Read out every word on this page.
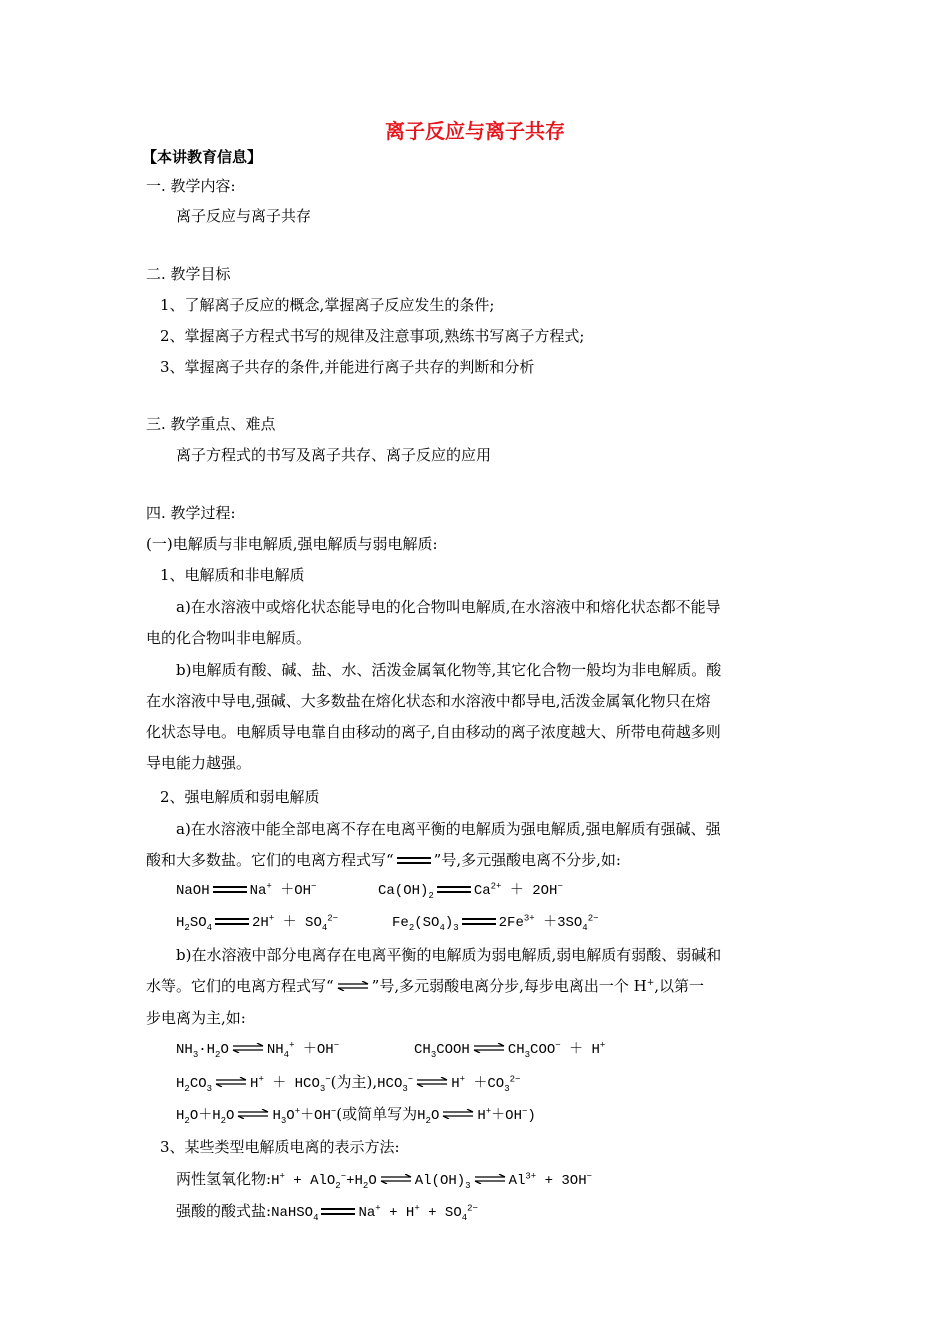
离子反应与离子共存
【本讲教育信息】
一. 教学内容:
离子反应与离子共存
二. 教学目标
1、了解离子反应的概念,掌握离子反应发生的条件;
2、掌握离子方程式书写的规律及注意事项,熟练书写离子方程式;
3、掌握离子共存的条件,并能进行离子共存的判断和分析
三. 教学重点、难点
离子方程式的书写及离子共存、离子反应的应用
四. 教学过程:
(一)电解质与非电解质,强电解质与弱电解质:
1、电解质和非电解质
a)在水溶液中或熔化状态能导电的化合物叫电解质,在水溶液中和熔化状态都不能导
电的化合物叫非电解质。
b)电解质有酸、碱、盐、水、活泼金属氧化物等,其它化合物一般均为非电解质。酸
在水溶液中导电,强碱、大多数盐在熔化状态和水溶液中都导电,活泼金属氧化物只在熔
化状态导电。电解质导电靠自由移动的离子,自由移动的离子浓度越大、所带电荷越多则
导电能力越强。
2、强电解质和弱电解质
a)在水溶液中能全部电离不存在电离平衡的电解质为强电解质,强电解质有强碱、强
酸和大多数盐。它们的电离方程式写“	”号,多元强酸电离不分步,如:
NaOH	Na+ ＋OH−	$Ca(OH)_2$	$Ca^{2+} + 2OH^-$
$H_2SO_4$	$2H^+ + SO_4^{2-}$	$Fe_2(SO_4)_3$	$2Fe^{3+} +3SO_4^{2-}$
b)在水溶液中部分电离存在电离平衡的电解质为弱电解质,弱电解质有弱酸、弱碱和
水等。它们的电离方程式写“ ⇌ ”号,多元弱酸电离分步,每步电离出一个 H+,以第一
步电离为主,如:
$NH_3\cdot H_2O$ ⇌ $NH_4^+ +OH^-$	$CH_3COOH$ ⇌ $CH_3COO^- + H^+$
$H_2CO_3$ ⇌ $H^+ + HCO_3^-$(为主)$,HCO_3^-$ ⇌ $H^+ +CO_3^{2-}$
$H_2O+H_2O$ ⇌ $H_3O^++OH^-$(或简单写为$H_2O$ ⇌ H+＋OH−)
3、某些类型电解质电离的表示方法:
两性氢氧化物:H+ + $AlO_2^-+H_2O$ ⇌ $Al(OH)_3$ ⇌ $Al^{3+} + 3OH^-$
强酸的酸式盐:NaHSO$_4$	$Na^+ + H^+ + SO_4^{2-}$
